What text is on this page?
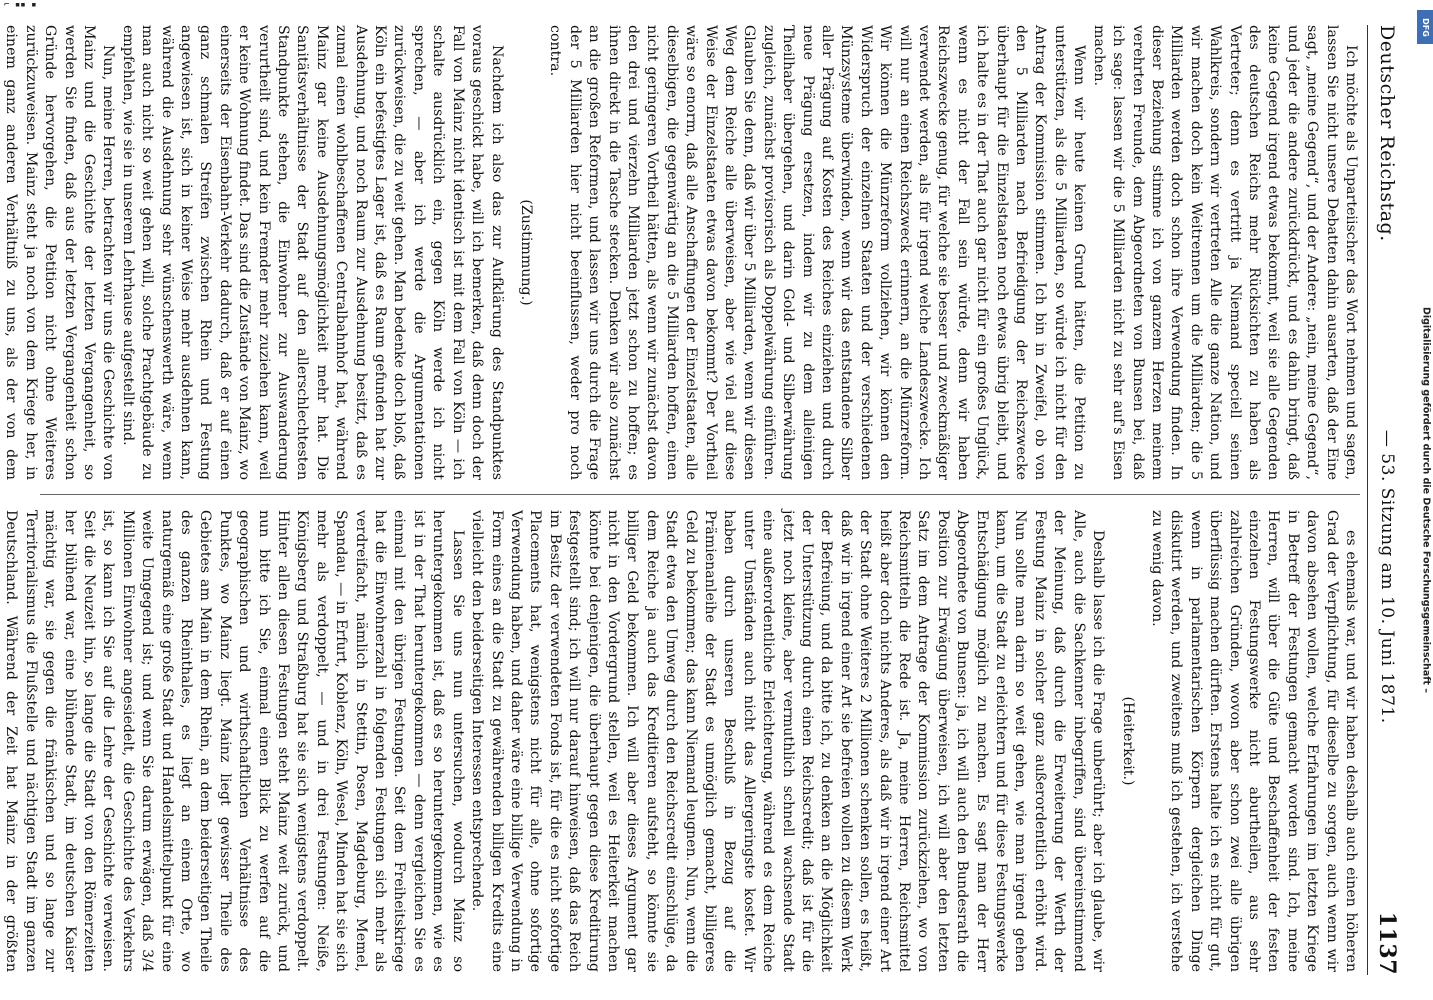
⌐ ▪▪ ▪
Deutscher Reichstag.
— 53. Sitzung am 10. Juni 1871.
1137

Ich möchte als Unparteiischer das Wort nehmen und sagen, lassen Sie nicht unsere Debatten dahin ausarten, daß der Eine sagt, „meine Gegend“, und der Andere: „nein, meine Gegend“, und jeder die andere zurückdrückt, und es dahin bringt, daß keine Gegend irgend etwas bekommt, weil sie alle Gegenden des deutschen Reichs mehr Rücksichten zu haben als Vertreter; denn es vertritt ja Niemand speciell seinen Wahlkreis, sondern wir vertreten Alle die ganze Nation, und wir machen doch kein Weitrennen um die Milliarden; die 5 Milliarden werden doch schon ihre Verwendung finden. In dieser Beziehung stimme ich von ganzem Herzen meinem verehrten Freunde, dem Abgeordneten von Bunsen bei, daß ich sage: lassen wir die 5 Milliarden nicht zu sehr auf's Eisen machen.

Wenn wir heute keinen Grund hätten, die Petition zu unterstützen, als die 5 Milliarden, so würde ich nicht für den Antrag der Kommission stimmen. Ich bin in Zweifel, ob von den 5 Milliarden nach Befriedigung der Reichszwecke überhaupt für die Einzelstaaten noch etwas übrig bleibt, und ich halte es in der That auch gar nicht für ein großes Unglück, wenn es nicht der Fall sein würde, denn wir haben Reichszwecke genug, für welche sie besser und zweckmäßiger verwendet werden, als für irgend welche Landeszwecke. Ich will nur an einen Reichszweck erinnern, an die Münzreform. Wir können die Münzreform vollziehen, wir können den Widerspruch der einzelnen Staaten und der verschiedenen Münzsysteme überwinden, wenn wir das entstandene Silber aller Prägung auf Kosten des Reiches einziehen und durch neue Prägung ersetzen, indem wir zu dem alleinigen Theilhaber übergehen, und darin Gold- und Silberwährung zugleich, zunächst provisorisch als Doppelwährung einführen. Glauben Sie denn, daß wir über 5 Milliarden, wenn wir diesen Weg dem Reiche alle überweisen, aber wie viel auf diese Weise der Einzelstaaten etwas davon bekommt? Der Vortheil wäre so enorm, daß alle Anschaffungen der Einzelstaaten, alle dieselbigen, die gegenwärtig an die 5 Milliarden hoffen, einen nicht geringeren Vortheil hätten, als wenn wir zunächst davon den drei und vierzehn Milliarden jetzt schon zu hoffen; es ihnen direkt in die Tasche stecken. Denken wir also zunächst an die großen Reformen, und lassen wir uns durch die Frage der 5 Milliarden hier nicht beeinflussen, weder pro noch contra.

(Zustimmung.)

Nachdem ich also das zur Aufklärung des Standpunktes voraus geschickt habe, will ich bemerken, daß denn doch der Fall von Mainz nicht identisch ist mit dem Fall von Köln — ich schalte ausdrücklich ein, gegen Köln werde ich nicht sprechen, — aber ich werde die Argumentationen zurückweisen, die zu weit gehen. Man bedenke doch bloß, daß Köln ein befestigtes Lager ist, daß es Raum gefunden hat zur Ausdehnung, und noch Raum zur Ausdehnung besitzt, daß es zumal einen wohlbeschaffenen Centralbahnhof hat, während Mainz gar keine Ausdehnungsmöglichkeit mehr hat. Die Sanitätsverhältnisse der Stadt auf den allerschlechtesten Standpunkte stehen, die Einwohner zur Auswanderung verurtheilt sind, und kein Fremder mehr zuziehen kann, weil er keine Wohnung findet. Das sind die Zustände von Mainz, wo einerseits der Eisenbahn-Verkehr dadurch, daß er auf einen ganz schmalen Streifen zwischen Rhein und Festung angewiesen ist, sich in keiner Weise mehr ausdehnen kann, während die Ausdehnung sehr wünschenswerth wäre, wenn man auch nicht so weit gehen will, solche Prachtgebäude zu empfehlen, wie sie in unserem Lehrhause aufgestellt sind.

Nun, meine Herren, betrachten wir uns die Geschichte von Mainz und die Geschichte der letzten Vergangenheit, so werden Sie finden, daß aus der letzten Vergangenheit schon Gründe hervorgehen, die Petition nicht ohne Weiteres zurückzuweisen. Mainz steht ja noch von dem Kriege her, in einem ganz anderen Verhältniß zu uns, als der von dem

es ehemals war, und wir haben deshalb auch einen höheren Grad der Verpflichtung, für dieselbe zu sorgen, auch wenn wir davon absehen wollen, welche Erfahrungen im letzten Kriege in Betreff der Festungen gemacht worden sind. Ich, meine Herren, will über die Güte und Beschaffenheit der festen einzelnen Festungswerke nicht aburtheilen, aus sehr zahlreichen Gründen, wovon aber schon zwei alle übrigen überflüssig machen dürften. Erstens halte ich es nicht für gut, wenn in parlamentarischen Körpern dergleichen Dinge diskutirt werden, und zweitens muß ich gestehen, ich verstehe zu wenig davon.

(Heiterkeit.)

Deshalb lasse ich die Frage unberührt; aber ich glaube, wir Alle, auch die Sachkenner inbegriffen, sind übereinstimmend der Meinung, daß durch die Erweiterung der Werth der Festung Mainz in solcher ganz außerordentlich erhöht wird. Nun sollte man darin so weit gehen, wie man irgend gehen kann, um die Stadt zu erleichtern und für diese Festungswerke Entschädigung möglich zu machen. Es sagt man der Herr Abgeordnete von Bunsen: ja, ich will auch den Bundesrath die Position zur Erwägung überweisen, ich will aber den letzten Satz im dem Antrage der Kommission zurückziehen, wo von Reichsmitteln die Rede ist. Ja, meine Herren, Reichsmittel heißt aber doch nichts Anderes, als daß wir in irgend einer Art der Stadt ohne Weiteres 2 Millionen schenken sollen, es heißt, daß wir in irgend einer Art sie befreien wollen zu diesem Werk der Befreiung, und da bitte ich, zu denken an die Möglichkeit der Unterstützung durch einen Reichscredit; daß ist für die jetzt noch kleine, aber vermuthlich schnell wachsende Stadt eine außerordentliche Erleichterung, während es dem Reiche unter Umständen auch nicht das Allergeringste kostet. Wir haben durch unseren Beschluß in Bezug auf die Prämienanleihe der Stadt es unmöglich gemacht, billigeres Geld zu bekommen; das kann Niemand leugnen. Nun, wenn die Stadt etwa den Umweg durch den Reichscredit einschlüge, da dem Reiche ja auch das Kreditieren aufsteht, so könnte sie billiger Geld bekommen. Ich will aber dieses Argument gar nicht in den Vordergrund stellen, weil es Heiterkeit machen könnte bei denjenigen, die überhaupt gegen diese Kreditirung festgestellt sind; ich will nur darauf hinweisen, daß das Reich im Besitz der verwendeten Fonds ist, für die es nicht sofortige Placements hat, wenigstens nicht für alle, ohne sofortige Verwendung haben, und daher wäre eine billige Verwendung in Form eines an die Stadt zu gewährenden billigen Kredits eine vielleicht den beiderseitigen Interessen entsprechende.

Lassen Sie uns nun untersuchen, wodurch Mainz so heruntergekommen ist, daß es so heruntergekommen, wie es ist in der That heruntergekommen — denn vergleichen Sie es einmal mit den übrigen Festungen. Seit dem Freiheitskriege hat die Einwohnerzahl in folgenden Festungen sich mehr als verdreifacht, nämlich in Stettin, Posen, Magdeburg, Memel, Spandau, — in Erfurt, Koblenz, Köln, Wesel, Minden hat sie sich mehr als verdoppelt, — und in drei Festungen: Neiße, Königsberg und Straßburg hat sie sich wenigstens verdoppelt. Hinter allen diesen Festungen steht Mainz weit zurück, und nun bitte ich Sie, einmal einen Blick zu werfen auf die geographischen und wirthschaftlichen Verhältnisse des Punktes, wo Mainz liegt. Mainz liegt gewisser Theile des Gebietes am Main in dem Rhein, an dem beiderseitigen Theile des ganzen Rheinthales, es liegt an einem Orte, wo naturgemäß eine große Stadt und Handelsmittelpunkt für eine weite Umgegend ist; und wenn Sie darum erwägen, daß 3/4 Millionen Einwohner angesiedelt, die Geschichte des Verkehrs ist, so kann ich Sie auf die Lehre der Geschichte verweisen. Seit die Neuzeit hin, so lange die Stadt von den Römerzeiten her blühend war, eine blühende Stadt, im deutschen Kaiser mächtig war, sie gegen die fränkischen und so lange zur Territorialismus die Flußstelle und nächtigen Stadt im ganzen Deutschland. Während der Zeit hat Mainz in der größten

Digitalisierung gefördert durch die Deutsche Forschungsgemeinschaft –
DFG
